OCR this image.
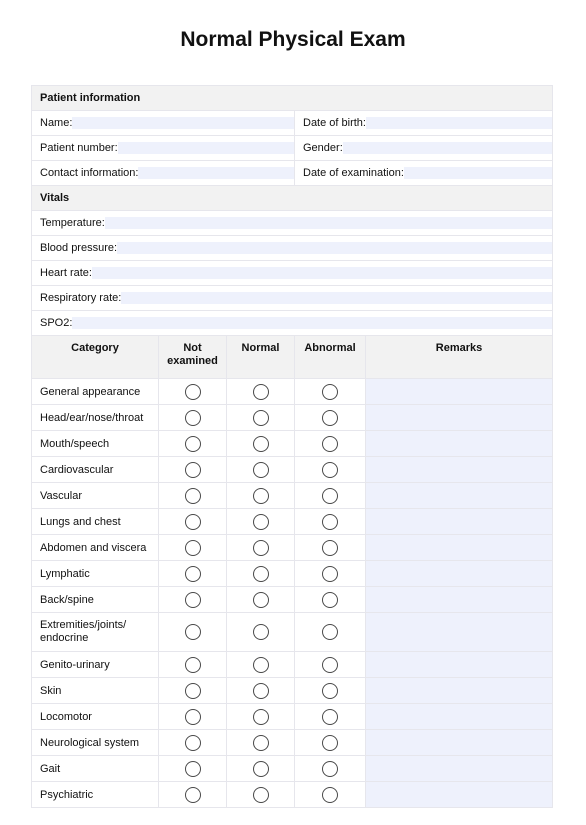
Normal Physical Exam
Patient information				

Name:			Date of birth:	

Patient number:			Gender:	

Contact information:			Date of examination:	

Vitals				

Temperature:				

Blood pressure:				

Heart rate:				

Respiratory rate:				

SPO2:				

Category	Not examined	Normal	Abnormal	Remarks
General appearance				
Head/ear/nose/throat				
Mouth/speech				
Cardiovascular				
Vascular				
Lungs and chest				
Abdomen and viscera				
Lymphatic				
Back/spine				
Extremities/joints/ endocrine				
Genito-urinary				
Skin				
Locomotor				
Neurological system				
Gait				
Psychiatric				
